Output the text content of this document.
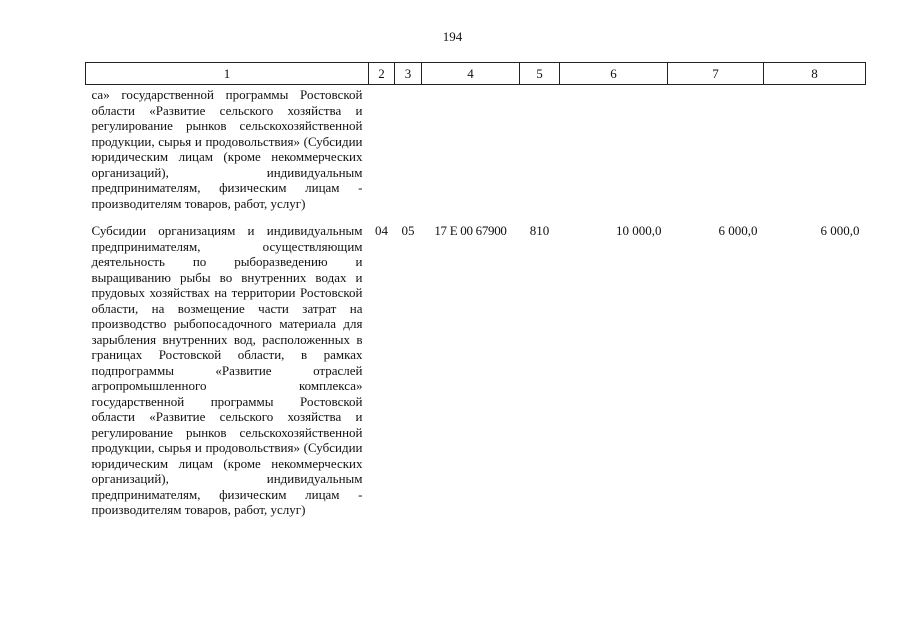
194
1	2	3	4	5	6	7	8
са» государственной программы Ростовской области «Развитие сельского хозяйства и регулирование рынков сельскохозяйственной продукции, сырья и продовольствия» (Субсидии юридическим лицам (кроме некоммерческих организаций), индивидуальным предпринимателям, физическим лицам - производителям товаров, работ, услуг)							
Субсидии организациям и индивидуальным предпринимателям, осуществляющим деятельность по рыборазведению и выращиванию рыбы во внутренних водах и прудовых хозяйствах на территории Ростовской области, на возмещение части затрат на производство рыбопосадочного материала для зарыбления внутренних вод, расположенных в границах Ростовской области, в рамках подпрограммы «Развитие отраслей агропромышленного комплекса» государственной программы Ростовской области «Развитие сельского хозяйства и регулирование рынков сельскохозяйственной продукции, сырья и продовольствия» (Субсидии юридическим лицам (кроме некоммерческих организаций), индивидуальным предпринимателям, физическим лицам - производителям товаров, работ, услуг)	04	05	17 Е 00 67900	810	10 000,0	6 000,0	6 000,0
